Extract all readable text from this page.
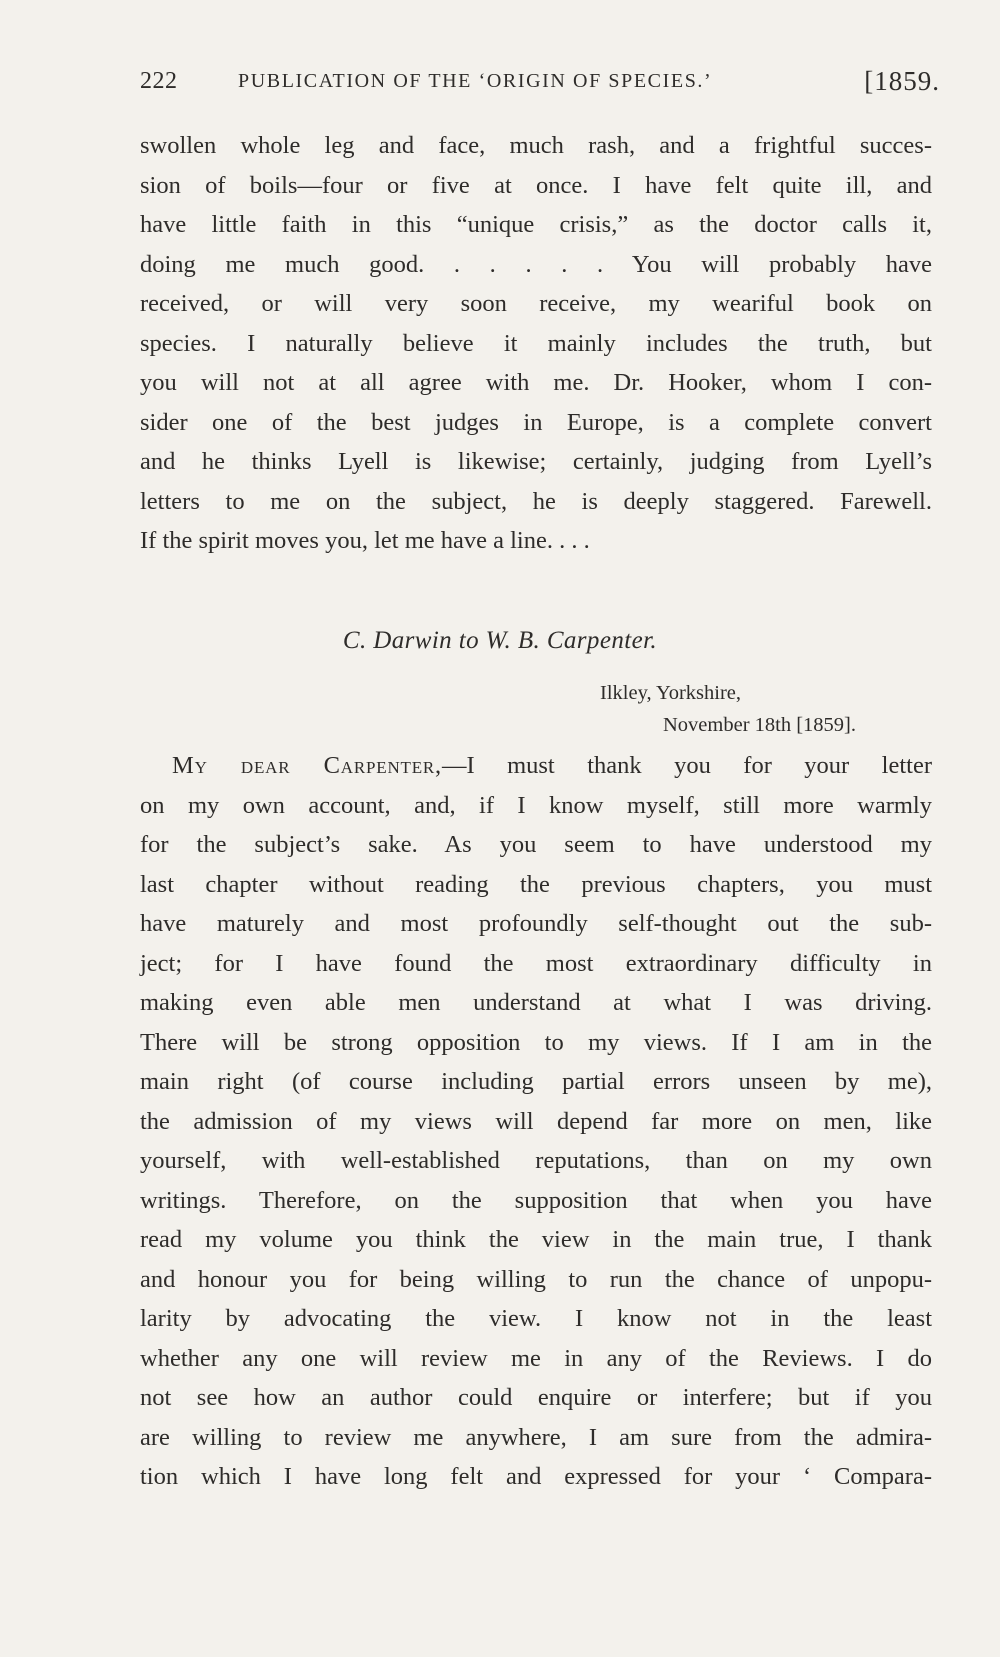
222	PUBLICATION OF THE ‘ORIGIN OF SPECIES.’	[1859.
swollen whole leg and face, much rash, and a frightful succes-
sion of boils—four or five at once. I have felt quite ill, and
have little faith in this “unique crisis,” as the doctor calls it,
doing me much good. . . . . . You will probably have
received, or will very soon receive, my weariful book on
species. I naturally believe it mainly includes the truth, but
you will not at all agree with me. Dr. Hooker, whom I con-
sider one of the best judges in Europe, is a complete convert
and he thinks Lyell is likewise; certainly, judging from Lyell’s
letters to me on the subject, he is deeply staggered. Farewell.
If the spirit moves you, let me have a line. . . .
C. Darwin to W. B. Carpenter.
Ilkley, Yorkshire,
November 18th [1859].
My dear Carpenter,—I must thank you for your letter
on my own account, and, if I know myself, still more warmly
for the subject’s sake. As you seem to have understood my
last chapter without reading the previous chapters, you must
have maturely and most profoundly self-thought out the sub-
ject; for I have found the most extraordinary difficulty in
making even able men understand at what I was driving.
There will be strong opposition to my views. If I am in the
main right (of course including partial errors unseen by me),
the admission of my views will depend far more on men, like
yourself, with well-established reputations, than on my own
writings. Therefore, on the supposition that when you have
read my volume you think the view in the main true, I thank
and honour you for being willing to run the chance of unpopu-
larity by advocating the view. I know not in the least
whether any one will review me in any of the Reviews. I do
not see how an author could enquire or interfere; but if you
are willing to review me anywhere, I am sure from the admira-
tion which I have long felt and expressed for your ‘ Compara-
